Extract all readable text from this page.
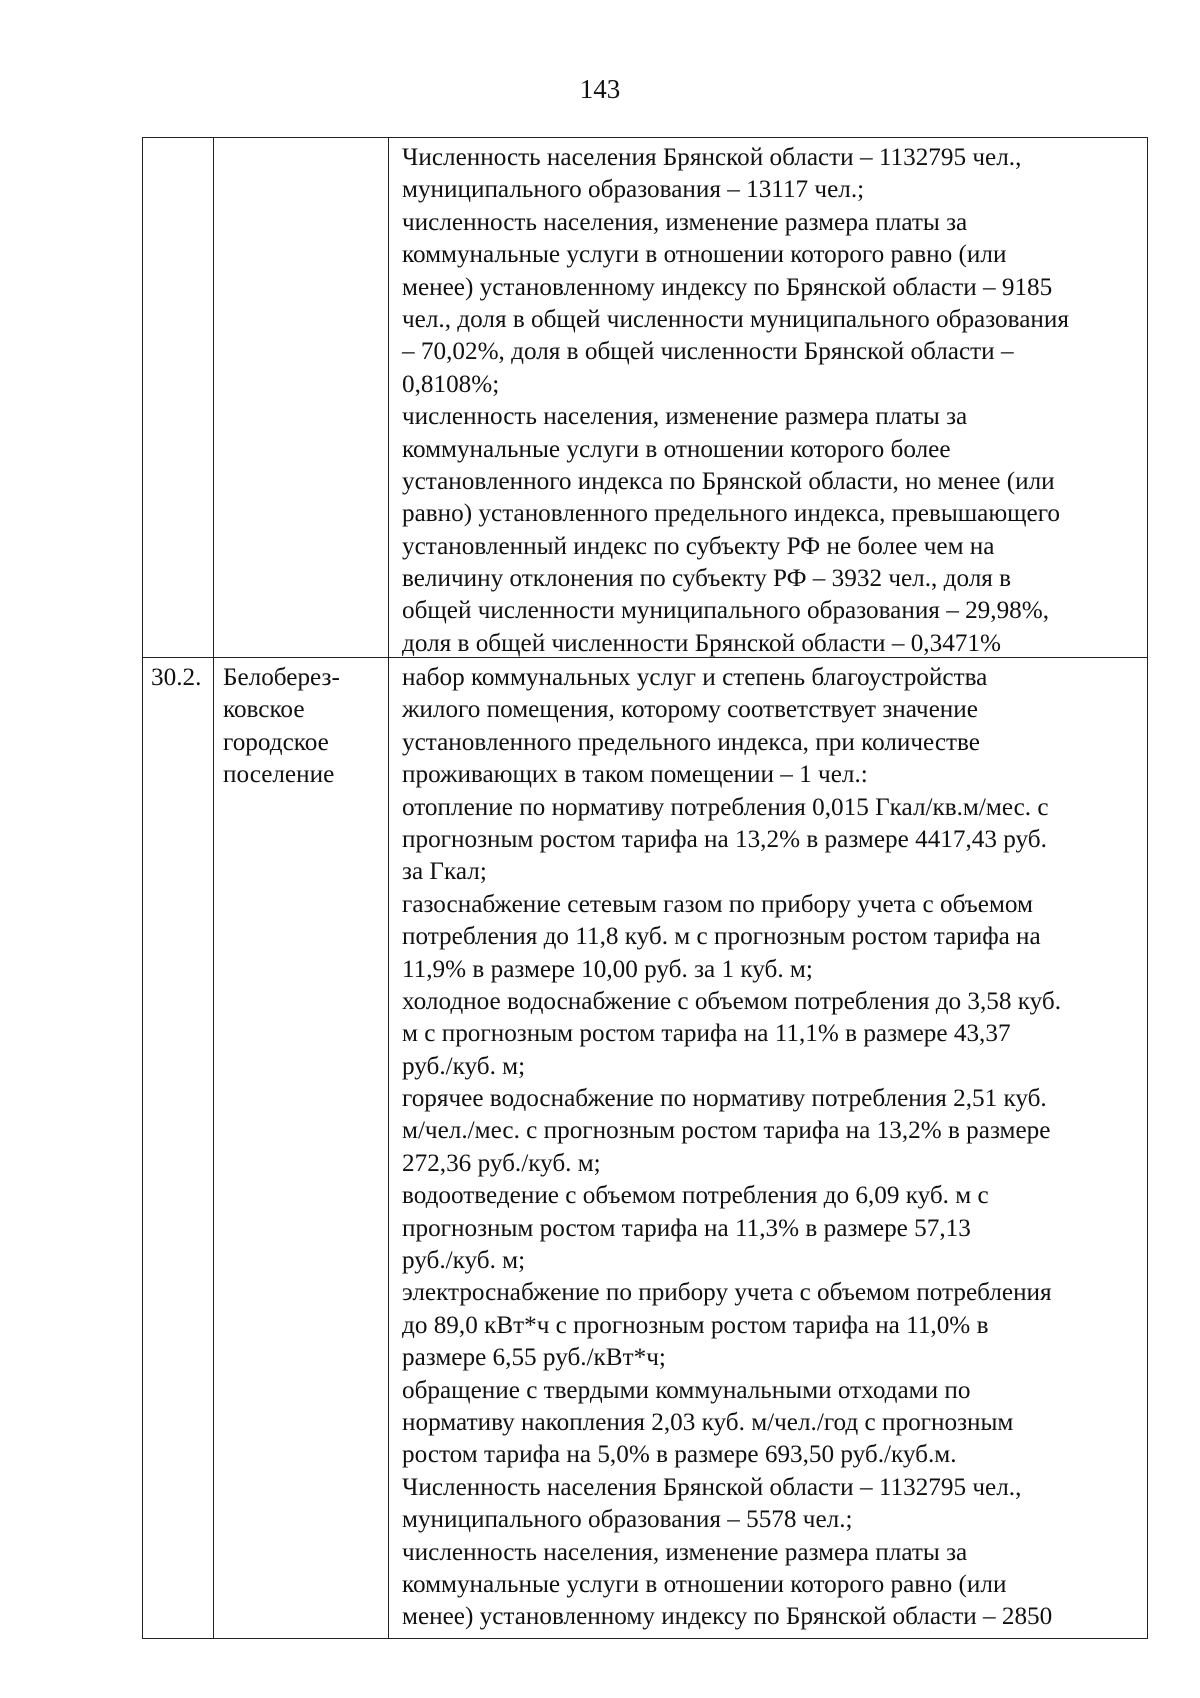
143
Численность населения Брянской области – 1132795 чел.,
муниципального образования – 13117 чел.;
численность населения, изменение размера платы за
коммунальные услуги в отношении которого равно (или
менее) установленному индексу по Брянской области – 9185
чел., доля в общей численности муниципального образования
– 70,02%, доля в общей численности Брянской области –
0,8108%;
численность населения, изменение размера платы за
коммунальные услуги в отношении которого более
установленного индекса по Брянской области, но менее (или
равно) установленного предельного индекса, превышающего
установленный индекс по субъекту РФ не более чем на
величину отклонения по субъекту РФ – 3932 чел., доля в
общей численности муниципального образования – 29,98%,
доля в общей численности Брянской области – 0,3471%
30.2. Белоберез-
ковское
городское
поселение
набор коммунальных услуг и степень благоустройства
жилого помещения, которому соответствует значение
установленного предельного индекса, при количестве
проживающих в таком помещении – 1 чел.:
отопление по нормативу потребления 0,015 Гкал/кв.м/мес. с
прогнозным ростом тарифа на 13,2% в размере 4417,43 руб.
за Гкал;
газоснабжение сетевым газом по прибору учета с объемом
потребления до 11,8 куб. м с прогнозным ростом тарифа на
11,9% в размере 10,00 руб. за 1 куб. м;
холодное водоснабжение с объемом потребления до 3,58 куб.
м с прогнозным ростом тарифа на 11,1% в размере 43,37
руб./куб. м;
горячее водоснабжение по нормативу потребления 2,51 куб.
м/чел./мес. с прогнозным ростом тарифа на 13,2% в размере
272,36 руб./куб. м;
водоотведение с объемом потребления до 6,09 куб. м с
прогнозным ростом тарифа на 11,3% в размере 57,13
руб./куб. м;
электроснабжение по прибору учета с объемом потребления
до 89,0 кВт*ч с прогнозным ростом тарифа на 11,0% в
размере 6,55 руб./кВт*ч;
обращение с твердыми коммунальными отходами по
нормативу накопления 2,03 куб. м/чел./год с прогнозным
ростом тарифа на 5,0% в размере 693,50 руб./куб.м.
Численность населения Брянской области – 1132795 чел.,
муниципального образования – 5578 чел.;
численность населения, изменение размера платы за
коммунальные услуги в отношении которого равно (или
менее) установленному индексу по Брянской области – 2850
